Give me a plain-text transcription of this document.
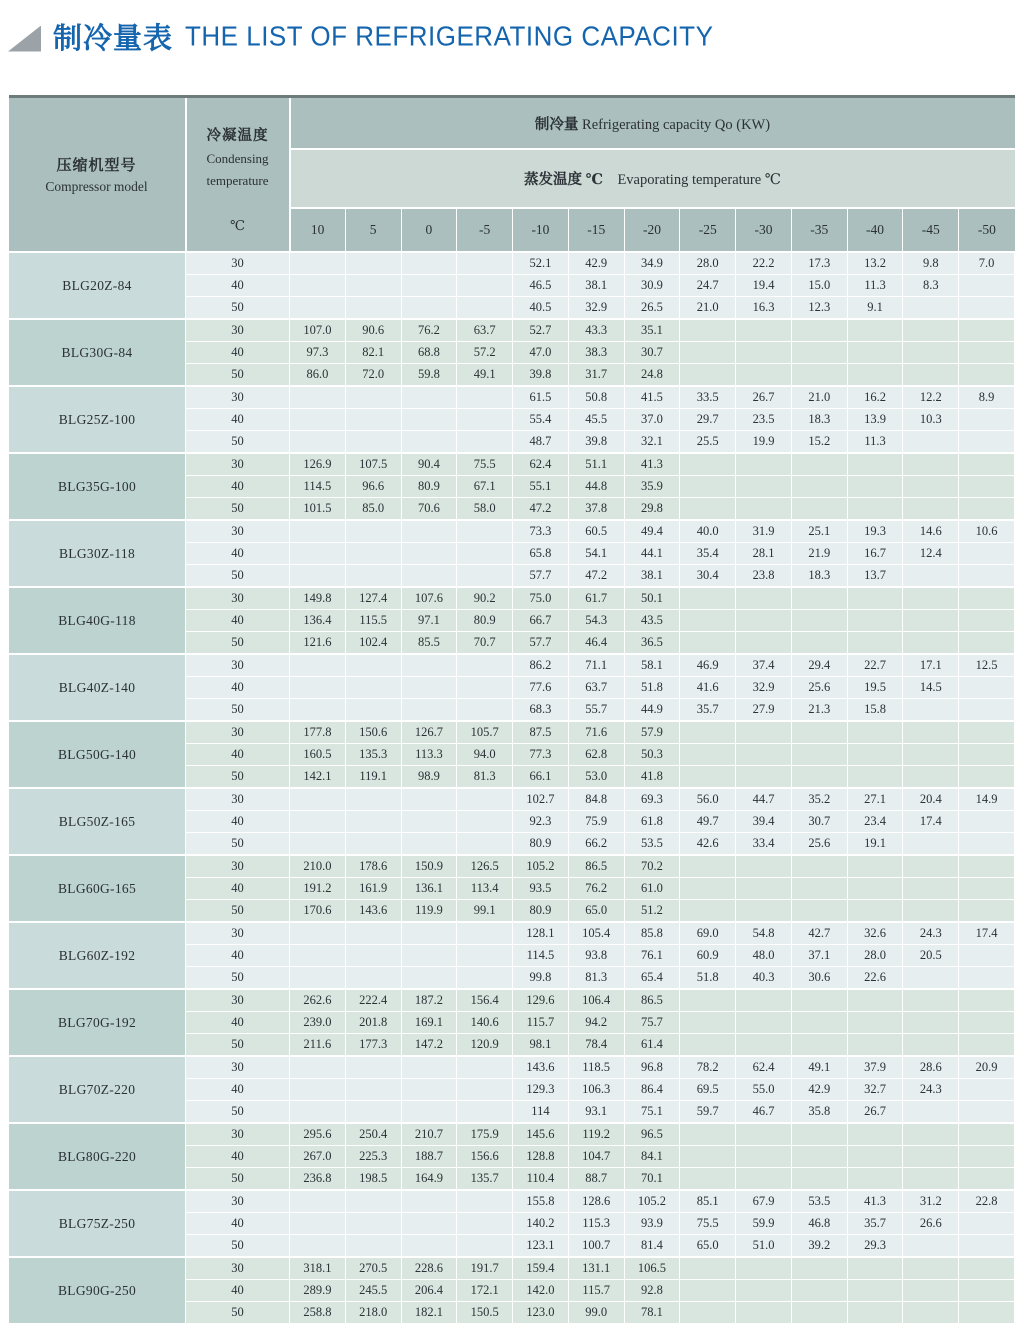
制冷量表 THE LIST OF REFRIGERATING CAPACITY
压缩机型号
Compressor model	冷凝温度
Condensing
temperature
℃	制冷量 Refrigerating capacity Qo (KW)												
		蒸发温度 ℃ Evaporating temperature ℃												
		10	5	0	-5	-10	-15	-20	-25	-30	-35	-40	-45	-50
BLG20Z-84	30					52.1	42.9	34.9	28.0	22.2	17.3	13.2	9.8	7.0
	40					46.5	38.1	30.9	24.7	19.4	15.0	11.3	8.3	
	50					40.5	32.9	26.5	21.0	16.3	12.3	9.1		
BLG30G-84	30	107.0	90.6	76.2	63.7	52.7	43.3	35.1						
	40	97.3	82.1	68.8	57.2	47.0	38.3	30.7						
	50	86.0	72.0	59.8	49.1	39.8	31.7	24.8						
BLG25Z-100	30					61.5	50.8	41.5	33.5	26.7	21.0	16.2	12.2	8.9
	40					55.4	45.5	37.0	29.7	23.5	18.3	13.9	10.3	
	50					48.7	39.8	32.1	25.5	19.9	15.2	11.3		
BLG35G-100	30	126.9	107.5	90.4	75.5	62.4	51.1	41.3						
	40	114.5	96.6	80.9	67.1	55.1	44.8	35.9						
	50	101.5	85.0	70.6	58.0	47.2	37.8	29.8						
BLG30Z-118	30					73.3	60.5	49.4	40.0	31.9	25.1	19.3	14.6	10.6
	40					65.8	54.1	44.1	35.4	28.1	21.9	16.7	12.4	
	50					57.7	47.2	38.1	30.4	23.8	18.3	13.7		
BLG40G-118	30	149.8	127.4	107.6	90.2	75.0	61.7	50.1						
	40	136.4	115.5	97.1	80.9	66.7	54.3	43.5						
	50	121.6	102.4	85.5	70.7	57.7	46.4	36.5						
BLG40Z-140	30					86.2	71.1	58.1	46.9	37.4	29.4	22.7	17.1	12.5
	40					77.6	63.7	51.8	41.6	32.9	25.6	19.5	14.5	
	50					68.3	55.7	44.9	35.7	27.9	21.3	15.8		
BLG50G-140	30	177.8	150.6	126.7	105.7	87.5	71.6	57.9						
	40	160.5	135.3	113.3	94.0	77.3	62.8	50.3						
	50	142.1	119.1	98.9	81.3	66.1	53.0	41.8						
BLG50Z-165	30					102.7	84.8	69.3	56.0	44.7	35.2	27.1	20.4	14.9
	40					92.3	75.9	61.8	49.7	39.4	30.7	23.4	17.4	
	50					80.9	66.2	53.5	42.6	33.4	25.6	19.1		
BLG60G-165	30	210.0	178.6	150.9	126.5	105.2	86.5	70.2						
	40	191.2	161.9	136.1	113.4	93.5	76.2	61.0						
	50	170.6	143.6	119.9	99.1	80.9	65.0	51.2						
BLG60Z-192	30					128.1	105.4	85.8	69.0	54.8	42.7	32.6	24.3	17.4
	40					114.5	93.8	76.1	60.9	48.0	37.1	28.0	20.5	
	50					99.8	81.3	65.4	51.8	40.3	30.6	22.6		
BLG70G-192	30	262.6	222.4	187.2	156.4	129.6	106.4	86.5						
	40	239.0	201.8	169.1	140.6	115.7	94.2	75.7						
	50	211.6	177.3	147.2	120.9	98.1	78.4	61.4						
BLG70Z-220	30					143.6	118.5	96.8	78.2	62.4	49.1	37.9	28.6	20.9
	40					129.3	106.3	86.4	69.5	55.0	42.9	32.7	24.3	
	50					114	93.1	75.1	59.7	46.7	35.8	26.7		
BLG80G-220	30	295.6	250.4	210.7	175.9	145.6	119.2	96.5						
	40	267.0	225.3	188.7	156.6	128.8	104.7	84.1						
	50	236.8	198.5	164.9	135.7	110.4	88.7	70.1						
BLG75Z-250	30					155.8	128.6	105.2	85.1	67.9	53.5	41.3	31.2	22.8
	40					140.2	115.3	93.9	75.5	59.9	46.8	35.7	26.6	
	50					123.1	100.7	81.4	65.0	51.0	39.2	29.3		
BLG90G-250	30	318.1	270.5	228.6	191.7	159.4	131.1	106.5						
	40	289.9	245.5	206.4	172.1	142.0	115.7	92.8						
	50	258.8	218.0	182.1	150.5	123.0	99.0	78.1						
